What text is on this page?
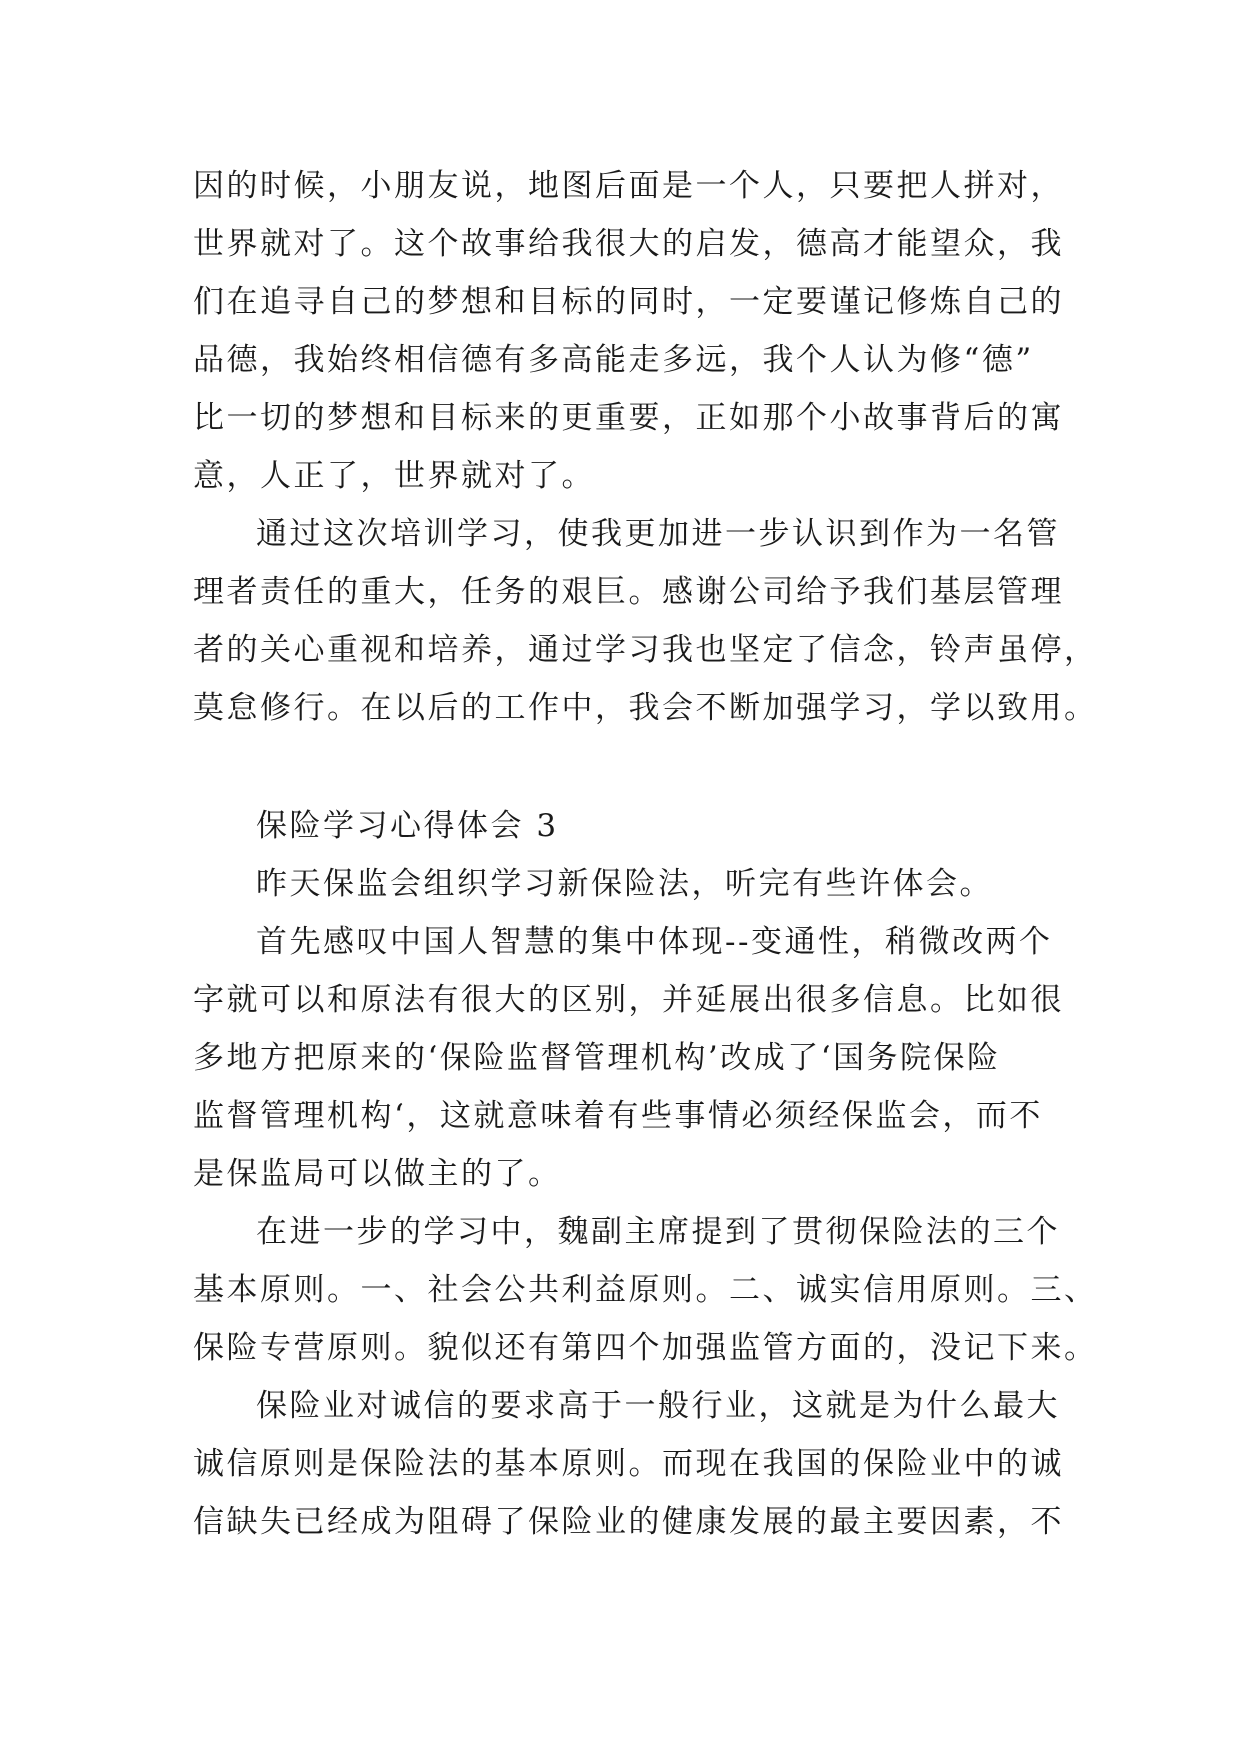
因的时候，小朋友说，地图后面是一个人，只要把人拼对，
世界就对了。这个故事给我很大的启发，德高才能望众，我
们在追寻自己的梦想和目标的同时，一定要谨记修炼自己的
品德，我始终相信德有多高能走多远，我个人认为修“德”
比一切的梦想和目标来的更重要，正如那个小故事背后的寓
意，人正了，世界就对了。
通过这次培训学习，使我更加进一步认识到作为一名管
理者责任的重大，任务的艰巨。感谢公司给予我们基层管理
者的关心重视和培养，通过学习我也坚定了信念，铃声虽停，
莫怠修行。在以后的工作中，我会不断加强学习，学以致用。
保险学习心得体会 3
昨天保监会组织学习新保险法，听完有些许体会。
首先感叹中国人智慧的集中体现--变通性，稍微改两个
字就可以和原法有很大的区别，并延展出很多信息。比如很
多地方把原来的‘保险监督管理机构’改成了‘国务院保险
监督管理机构‘，这就意味着有些事情必须经保监会，而不
是保监局可以做主的了。
在进一步的学习中，魏副主席提到了贯彻保险法的三个
基本原则。一、社会公共利益原则。二、诚实信用原则。三、
保险专营原则。貌似还有第四个加强监管方面的，没记下来。
保险业对诚信的要求高于一般行业，这就是为什么最大
诚信原则是保险法的基本原则。而现在我国的保险业中的诚
信缺失已经成为阻碍了保险业的健康发展的最主要因素，不
